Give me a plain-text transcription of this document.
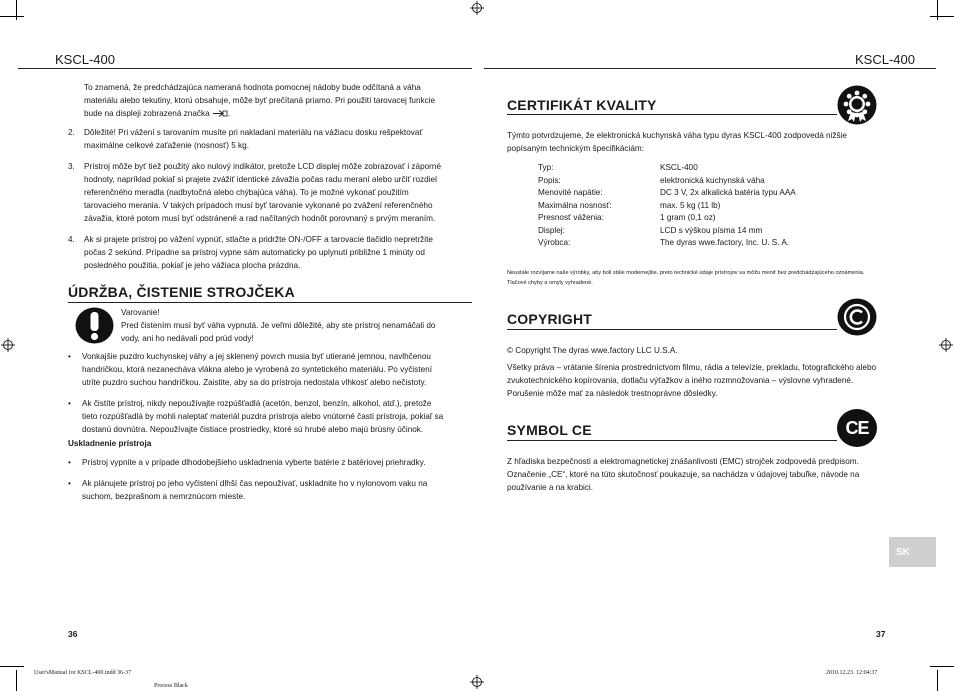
KSCL-400
To znamená, že predchádzajúca nameraná hodnota pomocnej nádoby bude odčítaná a váha materiálu alebo tekutiny, ktorú obsahuje, môže byť prečítaná priamo. Pri použití tarovacej funkcie bude na displeji zobrazená značka .
2. Dôležité! Pri vážení s tarovaním musíte pri nakladaní materiálu na vážiacu dosku rešpektovať maximálne celkové zaťaženie (nosnosť) 5 kg.

3. Prístroj môže byť tiež použitý ako nulový indikátor, pretože LCD displej môže zobrazovať i záporné hodnoty, napríklad pokiaľ si prajete zvážiť identické závažia počas radu meraní alebo určiť rozdiel referenčného meradla (nadbytočná alebo chýbajúca váha). To je možné vykonať použitím tarovacieho merania. V takých prípadoch musí byť tarovanie vykonané po zvážení referenčného závažia, ktoré potom musí byť odstránené a rad načítaných hodnôt porovnaný s prvým meraním.

4. Ak si prajete prístroj po vážení vypnúť, stlačte a pridržte ON-/OFF a tarovacie tlačidlo nepretržite počas 2 sekúnd. Prípadne sa prístroj vypne sám automaticky po uplynutí približne 1 minúty od posledného použitia, pokiaľ je jeho vážiaca plocha prázdna.

ÚDRŽBA, ČISTENIE STROJČEKA

Varovanie!

Pred čistením musí byť váha vypnutá. Je veľmi dôležité, aby ste prístroj nenamáčali do vody, ani ho nedávali pod prúd vody!

• Vonkajšie puzdro kuchynskej váhy a jej sklenený povrch musia byť utierané jemnou, navlhčenou handričkou, ktorá nezanecháva vlákna alebo je vyrobená zo syntetického materiálu. Po vyčistení utrite puzdro suchou handričkou. Zaistite, aby sa do prístroja nedostala vlhkosť alebo nečistoty.

• Ak čistíte prístroj, nikdy nepoužívajte rozpúšťadlá (acetón, benzol, benzín, alkohol, atď.), pretože tieto rozpúšťadlá by mohli naleptať materiál puzdra prístroja alebo vnútorné časti prístroja, pokiaľ sa dostanú dovnútra. Nepoužívajte čistiace prostriedky, ktoré sú hrubé alebo majú brúsny účinok.

Uskladnenie prístroja
• Prístroj vypnite a v prípade dlhodobejšieho uskladnenia vyberte batérie z batériovej priehradky.

• Ak plánujete prístroj po jeho vyčistení dlhší čas nepoužívať, uskladnite ho v nylonovom vaku na suchom, bezprašnom a nemrznúcom mieste.

36
KSCL-400
CERTIFIKÁT KVALITY
Týmto potvrdzujeme, že elektronická kuchynská váha typu dyras KSCL-400 zodpovedá nižšie popísaným technickým špecifikáciám:
Typ:	KSCL-400
Popis:	elektronická kuchynská váha
Menovité napätie:	DC 3 V, 2x alkalická batéria typu AAA
Maximálna nosnosť:	max. 5 kg (11 lb)
Presnosť váženia:	1 gram (0,1 oz)
Displej:	LCD s výškou písma 14 mm
Výrobca:	The dyras wwe.factory, Inc. U. S. A.
Neustále rozvíjame naše výrobky, aby boli stále modernejšie, preto technické údaje prístrojov sa môžu meniť bez predchádzajúceho oznámenia. Tlačové chyby a omyly vyhradené.
COPYRIGHT
© Copyright The dyras wwe.factory LLC U.S.A.
Všetky práva – vrátanie šírenia prostredníctvom filmu, rádia a televízie, prekladu, fotografického alebo zvukotechnického kopírovania, dotlaču výťažkov a iného rozmnožovania – výslovne vyhradené. Porušenie môže mať za následok trestnoprávne dôsledky.
SYMBOL CE	CE
Z hľadiska bezpečnosti a elektromagnetickej znášanlivosti (EMC) strojček zodpovedá predpisom. Označenie „CE“, ktoré na túto skutočnosť poukazuje, sa nachádza v údajovej tabuľke, návode na používanie a na krabici.
SK
37
User'sManual for KSCL-400.indd 36-37
Process Black
2010.12.23. 12:04:37
